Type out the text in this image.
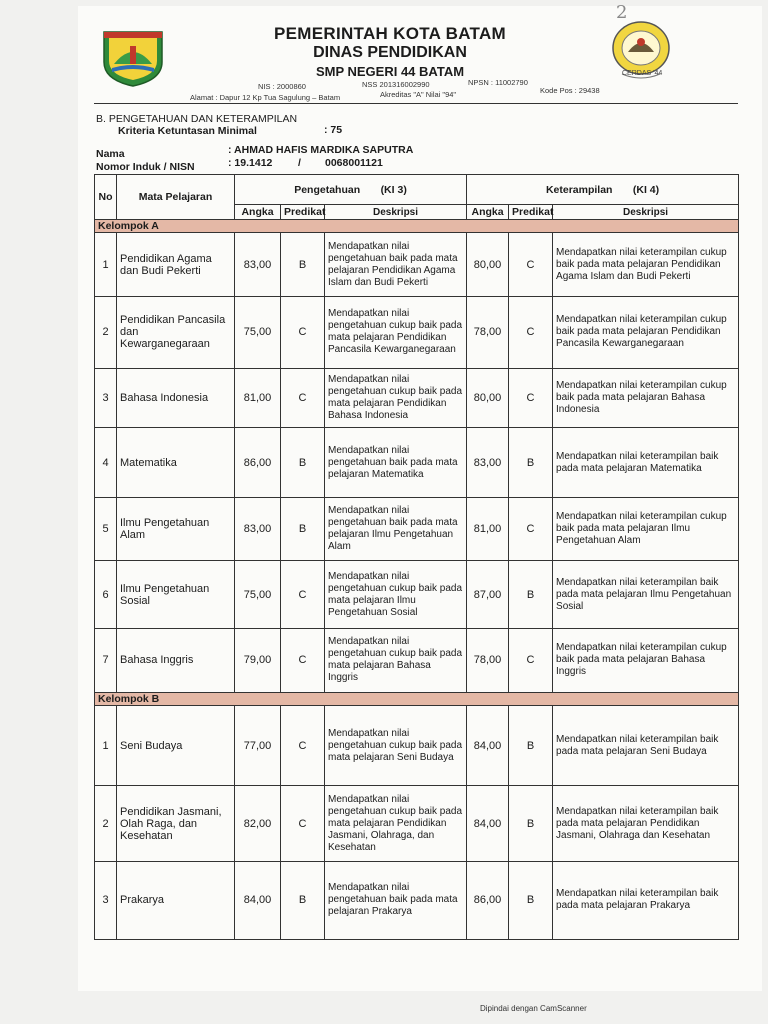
2
CERDAS '44
PEMERINTAH KOTA BATAM
DINAS PENDIDIKAN
SMP NEGERI 44 BATAM
NIS : 2000860	NSS 201316002990	NPSN : 11002790
Alamat : Dapur 12 Kp Tua Sagulung – Batam	Akreditas "A" Nilai "94"	Kode Pos : 29438
B. PENGETAHUAN DAN KETERAMPILAN
Kriteria Ketuntasan Minimal	: 75
Nama	: AHMAD HAFIS MARDIKA SAPUTRA
Nomor Induk / NISN	: 19.1412 / 0068001121
No	Mata Pelajaran	Pengetahuan (KI 3)			Keterampilan (KI 4)		
		Angka	Predikat	Deskripsi	Angka	Predikat	Deskripsi
Kelompok A							
1	Pendidikan Agama dan Budi Pekerti	83,00	B	Mendapatkan nilai pengetahuan baik pada mata pelajaran Pendidikan Agama Islam dan Budi Pekerti	80,00	C	Mendapatkan nilai keterampilan cukup baik pada mata pelajaran Pendidikan Agama Islam dan Budi Pekerti
2	Pendidikan Pancasila dan Kewarganegaraan	75,00	C	Mendapatkan nilai pengetahuan cukup baik pada mata pelajaran Pendidikan Pancasila Kewarganegaraan	78,00	C	Mendapatkan nilai keterampilan cukup baik pada mata pelajaran Pendidikan Pancasila Kewarganegaraan
3	Bahasa Indonesia	81,00	C	Mendapatkan nilai pengetahuan cukup baik pada mata pelajaran Pendidikan Bahasa Indonesia	80,00	C	Mendapatkan nilai keterampilan cukup baik pada mata pelajaran Bahasa Indonesia
4	Matematika	86,00	B	Mendapatkan nilai pengetahuan baik pada mata pelajaran Matematika	83,00	B	Mendapatkan nilai keterampilan baik pada mata pelajaran Matematika
5	Ilmu Pengetahuan Alam	83,00	B	Mendapatkan nilai pengetahuan baik pada mata pelajaran Ilmu Pengetahuan Alam	81,00	C	Mendapatkan nilai keterampilan cukup baik pada mata pelajaran Ilmu Pengetahuan Alam
6	Ilmu Pengetahuan Sosial	75,00	C	Mendapatkan nilai pengetahuan cukup baik pada mata pelajaran Ilmu Pengetahuan Sosial	87,00	B	Mendapatkan nilai keterampilan baik pada mata pelajaran Ilmu Pengetahuan Sosial
7	Bahasa Inggris	79,00	C	Mendapatkan nilai pengetahuan cukup baik pada mata pelajaran Bahasa Inggris	78,00	C	Mendapatkan nilai keterampilan cukup baik pada mata pelajaran Bahasa Inggris
Kelompok B							
1	Seni Budaya	77,00	C	Mendapatkan nilai pengetahuan cukup baik pada mata pelajaran Seni Budaya	84,00	B	Mendapatkan nilai keterampilan baik pada mata pelajaran Seni Budaya
2	Pendidikan Jasmani, Olah Raga, dan Kesehatan	82,00	C	Mendapatkan nilai pengetahuan cukup baik pada mata pelajaran Pendidikan Jasmani, Olahraga, dan Kesehatan	84,00	B	Mendapatkan nilai keterampilan baik pada mata pelajaran Pendidikan Jasmani, Olahraga dan Kesehatan
3	Prakarya	84,00	B	Mendapatkan nilai pengetahuan baik pada mata pelajaran Prakarya	86,00	B	Mendapatkan nilai keterampilan baik pada mata pelajaran Prakarya
Dipindai dengan CamScanner
